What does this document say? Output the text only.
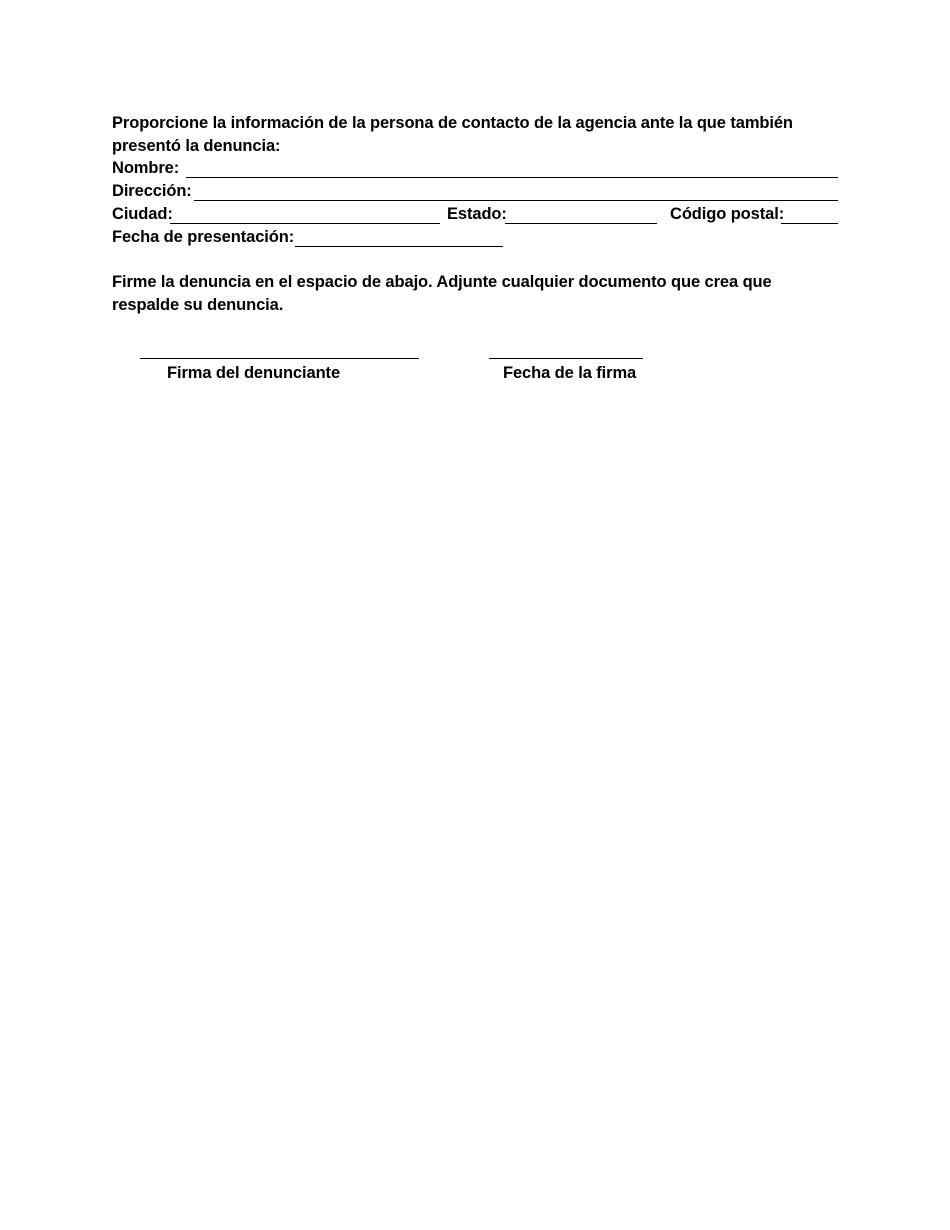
Proporcione la información de la persona de contacto de la agencia ante la que también
presentó la denuncia:
Nombre:
Dirección:
Ciudad:	Estado:	Código postal:
Fecha de presentación:
Firme la denuncia en el espacio de abajo. Adjunte cualquier documento que crea que
respalde su denuncia.
Firma del denunciante	Fecha de la firma
